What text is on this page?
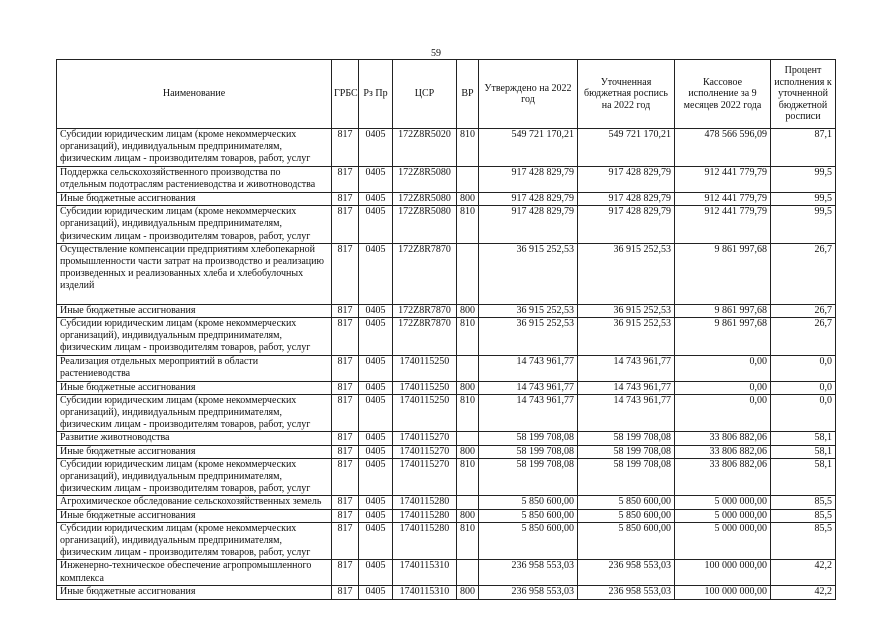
59
Наименование	ГРБС	Рз Пр	ЦСР	ВР	Утверждено на 2022 год	Уточненная бюджетная роспись на 2022 год	Кассовое исполнение за 9 месяцев 2022 года	Процент исполнения к уточненной бюджетной росписи
Субсидии юридическим лицам (кроме некоммерческих организаций), индивидуальным предпринимателям, физическим лицам - производителям товаров, работ, услуг	817	0405	172Z8R5020	810	549 721 170,21	549 721 170,21	478 566 596,09	87,1
Поддержка сельскохозяйственного производства по отдельным подотраслям растениеводства и животноводства	817	0405	172Z8R5080		917 428 829,79	917 428 829,79	912 441 779,79	99,5
Иные бюджетные ассигнования	817	0405	172Z8R5080	800	917 428 829,79	917 428 829,79	912 441 779,79	99,5
Субсидии юридическим лицам (кроме некоммерческих организаций), индивидуальным предпринимателям, физическим лицам - производителям товаров, работ, услуг	817	0405	172Z8R5080	810	917 428 829,79	917 428 829,79	912 441 779,79	99,5
Осуществление компенсации предприятиям хлебопекарной промышленности части затрат на производство и реализацию произведенных и реализованных хлеба и хлебобулочных изделий	817	0405	172Z8R7870		36 915 252,53	36 915 252,53	9 861 997,68	26,7
Иные бюджетные ассигнования	817	0405	172Z8R7870	800	36 915 252,53	36 915 252,53	9 861 997,68	26,7
Субсидии юридическим лицам (кроме некоммерческих организаций), индивидуальным предпринимателям, физическим лицам - производителям товаров, работ, услуг	817	0405	172Z8R7870	810	36 915 252,53	36 915 252,53	9 861 997,68	26,7
Реализация отдельных мероприятий в области растениеводства	817	0405	1740115250		14 743 961,77	14 743 961,77	0,00	0,0
Иные бюджетные ассигнования	817	0405	1740115250	800	14 743 961,77	14 743 961,77	0,00	0,0
Субсидии юридическим лицам (кроме некоммерческих организаций), индивидуальным предпринимателям, физическим лицам - производителям товаров, работ, услуг	817	0405	1740115250	810	14 743 961,77	14 743 961,77	0,00	0,0
Развитие животноводства	817	0405	1740115270		58 199 708,08	58 199 708,08	33 806 882,06	58,1
Иные бюджетные ассигнования	817	0405	1740115270	800	58 199 708,08	58 199 708,08	33 806 882,06	58,1
Субсидии юридическим лицам (кроме некоммерческих организаций), индивидуальным предпринимателям, физическим лицам - производителям товаров, работ, услуг	817	0405	1740115270	810	58 199 708,08	58 199 708,08	33 806 882,06	58,1
Агрохимическое обследование сельскохозяйственных земель	817	0405	1740115280		5 850 600,00	5 850 600,00	5 000 000,00	85,5
Иные бюджетные ассигнования	817	0405	1740115280	800	5 850 600,00	5 850 600,00	5 000 000,00	85,5
Субсидии юридическим лицам (кроме некоммерческих организаций), индивидуальным предпринимателям, физическим лицам - производителям товаров, работ, услуг	817	0405	1740115280	810	5 850 600,00	5 850 600,00	5 000 000,00	85,5
Инженерно-техническое обеспечение агропромышленного комплекса	817	0405	1740115310		236 958 553,03	236 958 553,03	100 000 000,00	42,2
Иные бюджетные ассигнования	817	0405	1740115310	800	236 958 553,03	236 958 553,03	100 000 000,00	42,2
